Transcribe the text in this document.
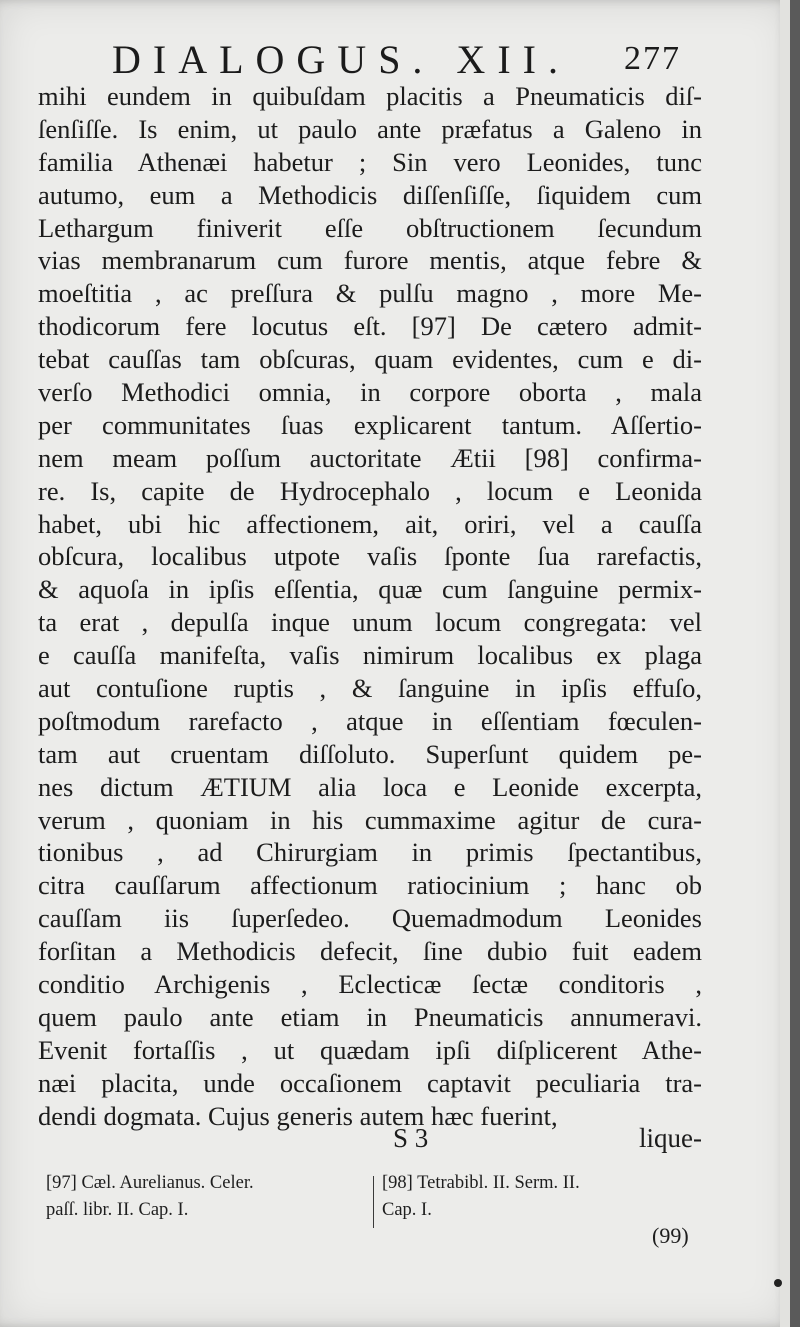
DIALOGUS. XII. 277
mihi eundem in quibuſdam placitis a Pneumaticis diſ-
ſenſiſſe. Is enim, ut paulo ante præfatus a Galeno in
familia Athenæi habetur ; Sin vero Leonides, tunc
autumo, eum a Methodicis diſſenſiſſe, ſiquidem cum
Lethargum finiverit eſſe obſtructionem ſecundum
vias membranarum cum furore mentis, atque febre &
moeſtitia , ac preſſura & pulſu magno , more Me-
thodicorum fere locutus eſt. [97] De cætero admit-
tebat cauſſas tam obſcuras, quam evidentes, cum e di-
verſo Methodici omnia, in corpore oborta , mala
per communitates ſuas explicarent tantum. Aſſertio-
nem meam poſſum auctoritate Ætii [98] confirma-
re. Is, capite de Hydrocephalo , locum e Leonida
habet, ubi hic affectionem, ait, oriri, vel a cauſſa
obſcura, localibus utpote vaſis ſponte ſua rarefactis,
& aquoſa in ipſis eſſentia, quæ cum ſanguine permix-
ta erat , depulſa inque unum locum congregata: vel
e cauſſa manifeſta, vaſis nimirum localibus ex plaga
aut contuſione ruptis , & ſanguine in ipſis effuſo,
poſtmodum rarefacto , atque in eſſentiam fœculen-
tam aut cruentam diſſoluto. Superſunt quidem pe-
nes dictum ÆTIUM alia loca e Leonide excerpta,
verum , quoniam in his cummaxime agitur de cura-
tionibus , ad Chirurgiam in primis ſpectantibus,
citra cauſſarum affectionum ratiocinium ; hanc ob
cauſſam iis ſuperſedeo. Quemadmodum Leonides
forſitan a Methodicis defecit, ſine dubio fuit eadem
conditio Archigenis , Eclecticæ ſectæ conditoris ,
quem paulo ante etiam in Pneumaticis annumeravi.
Evenit fortaſſis , ut quædam ipſi diſplicerent Athe-
næi placita, unde occaſionem captavit peculiaria tra-
dendi dogmata. Cujus generis autem hæc fuerint,
S 3	lique-
[97] Cæl. Aurelianus. Celer.
paſſ. libr. II. Cap. I.
[98] Tetrabibl. II. Serm. II.
Cap. I.
(99)
